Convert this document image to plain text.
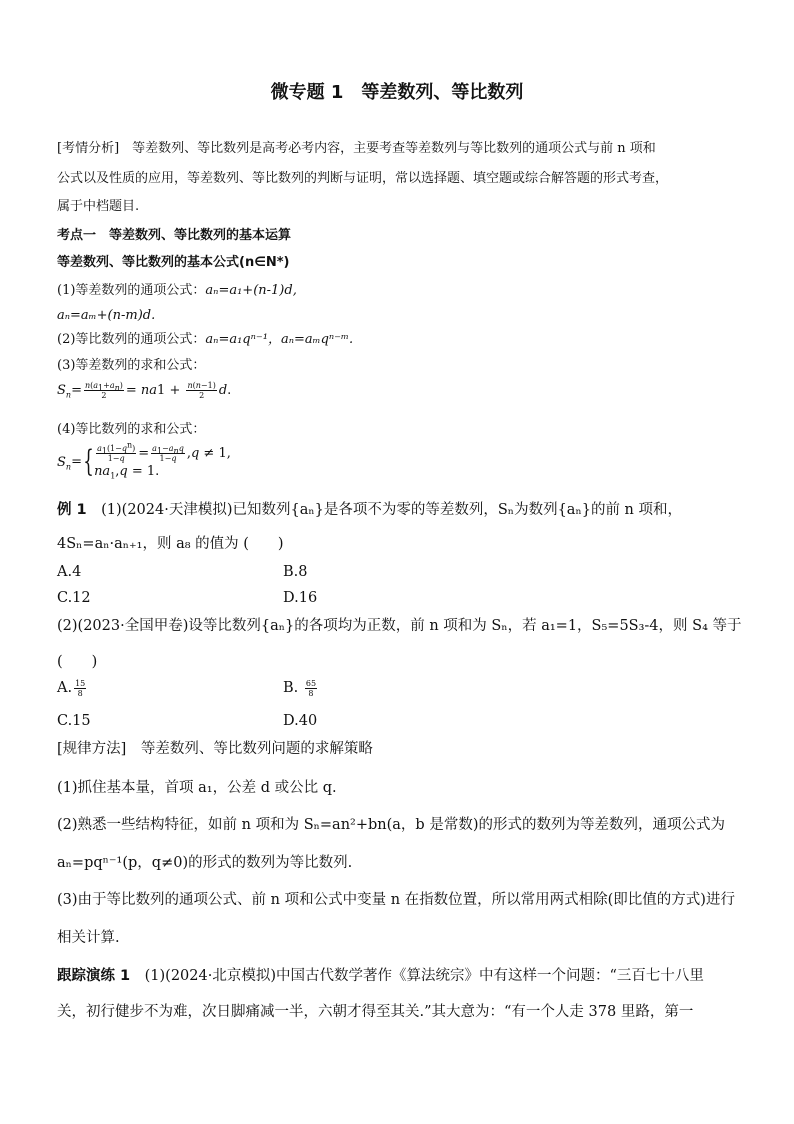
微专题 1　等差数列、等比数列
[考情分析]　 等差数列、等比数列是高考必考内容，主要考查等差数列与等比数列的通项公式与前 n 项和
公式以及性质的应用，等差数列、等比数列的判断与证明，常以选择题、填空题或综合解答题的形式考查，
属于中档题目.
考点一　等差数列、等比数列的基本运算
等差数列、等比数列的基本公式(n∈N*)
(1)等差数列的通项公式：aₙ=a₁+(n-1)d,
aₙ=aₘ+(n-m)d.
(2)等比数列的通项公式：aₙ=a₁qⁿ⁻¹，aₙ=aₘqⁿ⁻ᵐ.
(3)等差数列的求和公式：
$S_n= \frac{n(a_1+a_n)}{2} = na1 + \frac{n(n-1)}{2} d$.
(4)等比数列的求和公式：
$S_n=\{ \frac{a_1(1-q^n)}{1-q} = \frac{a_1-a_nq}{1-q} ,q \ne 1$,
$na_1,q = 1$.
例 1　 (1)(2024·天津模拟)已知数列{aₙ}是各项不为零的等差数列，Sₙ为数列{aₙ}的前 n 项和，
4Sₙ=aₙ·aₙ₊₁，则 a₈ 的值为 (　　)
A.4	B.8
C.12	D.16
(2)(2023·全国甲卷)设等比数列{aₙ}的各项均为正数，前 n 项和为 Sₙ，若 a₁=1，S₅=5S₃-4，则 S₄ 等于
(　　)
A. $\frac{15}{8}$	B. $\frac{65}{8}$
C.15	D.40
[规律方法]　 等差数列、等比数列问题的求解策略
(1)抓住基本量，首项 a₁，公差 d 或公比 q.
(2)熟悉一些结构特征，如前 n 项和为 Sₙ=an²+bn(a，b 是常数)的形式的数列为等差数列，通项公式为
aₙ=pqⁿ⁻¹(p，q≠0)的形式的数列为等比数列.
(3)由于等比数列的通项公式、前 n 项和公式中变量 n 在指数位置，所以常用两式相除(即比值的方式)进行
相关计算.
跟踪演练 1　 (1)(2024·北京模拟)中国古代数学著作《算法统宗》中有这样一个问题：“三百七十八里
关，初行健步不为难，次日脚痛减一半，六朝才得至其关.”其大意为：“有一个人走 378 里路，第一
